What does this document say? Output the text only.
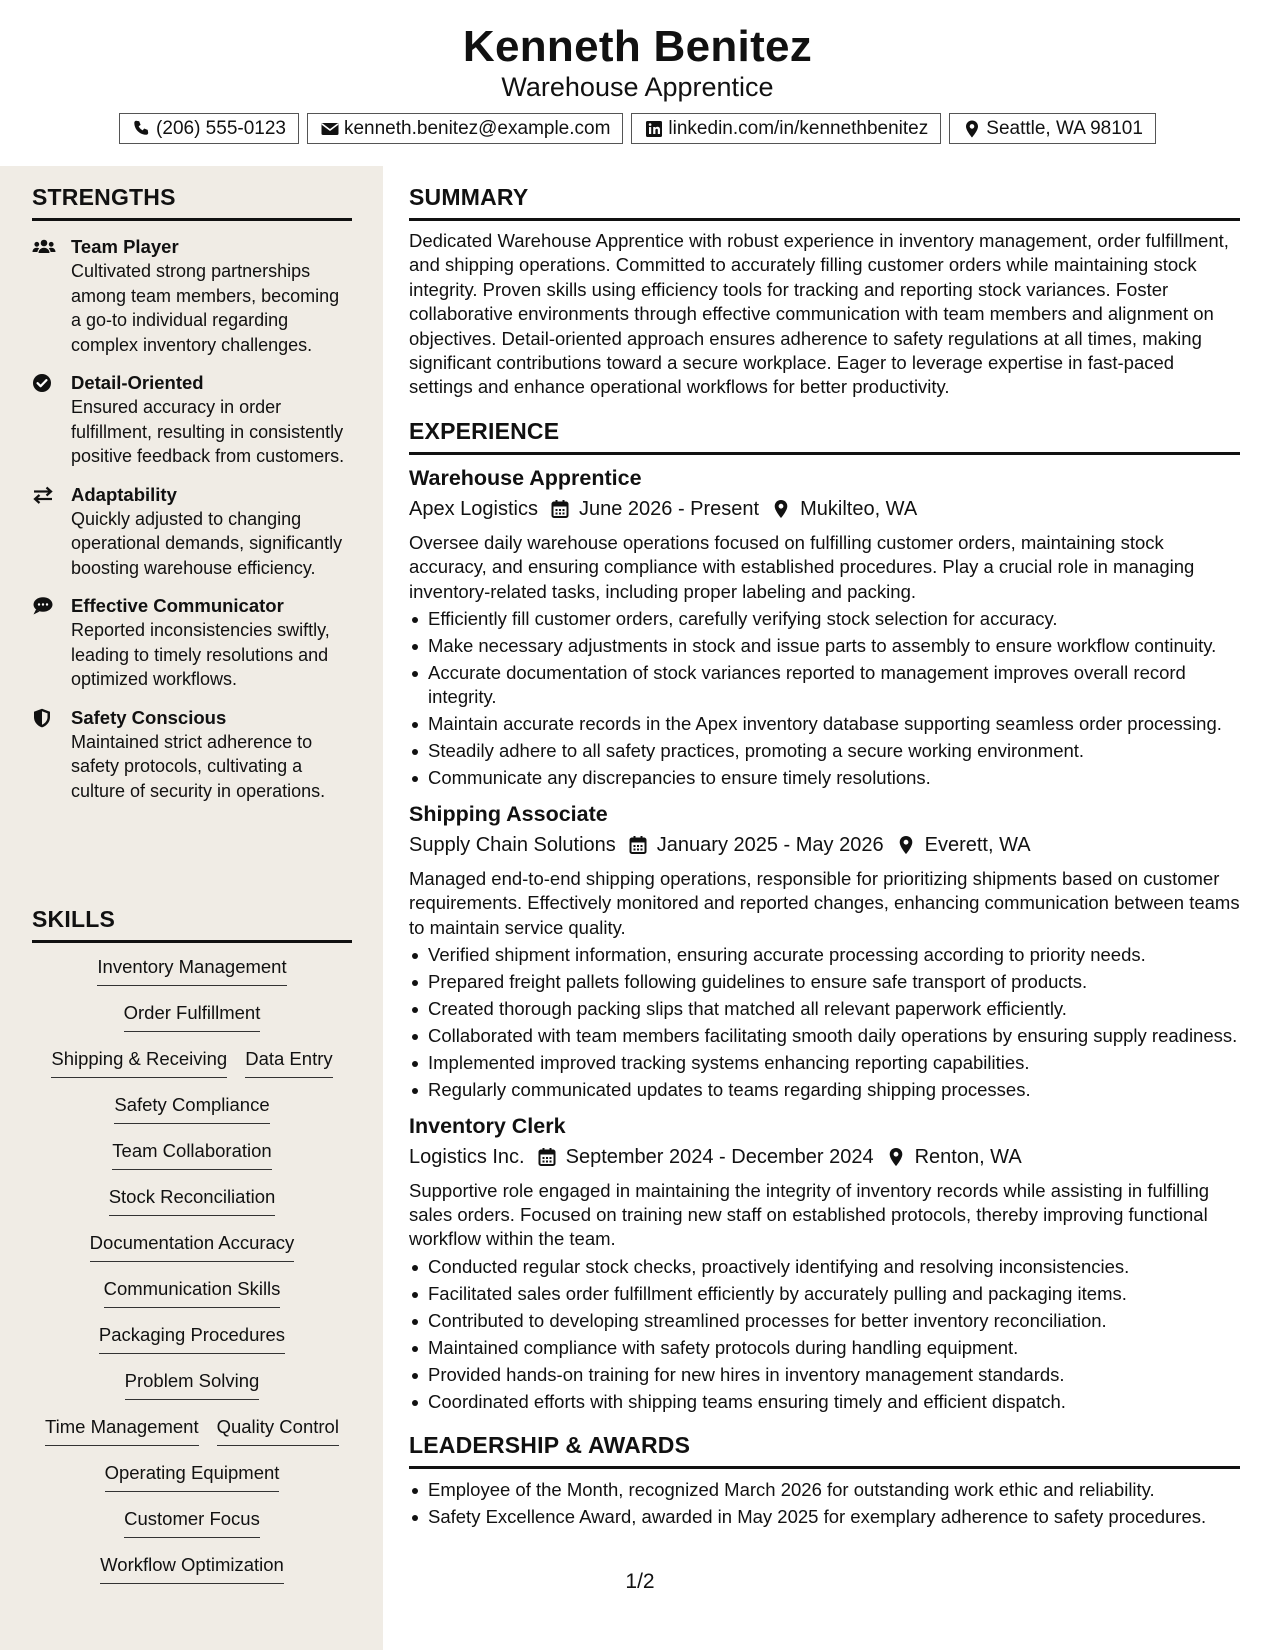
Kenneth Benitez
Warehouse Apprentice
(206) 555-0123	kenneth.benitez@example.com	linkedin.com/in/kennethbenitez	Seattle, WA 98101
STRENGTHS
Team Player
Cultivated strong partnerships among team members, becoming a go-to individual regarding complex inventory challenges.
Detail-Oriented
Ensured accuracy in order fulfillment, resulting in consistently positive feedback from customers.
Adaptability
Quickly adjusted to changing operational demands, significantly boosting warehouse efficiency.
Effective Communicator
Reported inconsistencies swiftly, leading to timely resolutions and optimized workflows.
Safety Conscious
Maintained strict adherence to safety protocols, cultivating a culture of security in operations.
SKILLS
Inventory Management
Order Fulfillment
Shipping & Receiving Data Entry
Safety Compliance
Team Collaboration
Stock Reconciliation
Documentation Accuracy
Communication Skills
Packaging Procedures
Problem Solving
Time Management Quality Control
Operating Equipment
Customer Focus
Workflow Optimization
SUMMARY
Dedicated Warehouse Apprentice with robust experience in inventory management, order fulfillment, and shipping operations. Committed to accurately filling customer orders while maintaining stock integrity. Proven skills using efficiency tools for tracking and reporting stock variances. Foster collaborative environments through effective communication with team members and alignment on objectives. Detail-oriented approach ensures adherence to safety regulations at all times, making significant contributions toward a secure workplace. Eager to leverage expertise in fast-paced settings and enhance operational workflows for better productivity.
EXPERIENCE
Warehouse Apprentice
Apex Logistics June 2026 - Present Mukilteo, WA
Oversee daily warehouse operations focused on fulfilling customer orders, maintaining stock accuracy, and ensuring compliance with established procedures. Play a crucial role in managing inventory-related tasks, including proper labeling and packing.
Efficiently fill customer orders, carefully verifying stock selection for accuracy.
Make necessary adjustments in stock and issue parts to assembly to ensure workflow continuity.
Accurate documentation of stock variances reported to management improves overall record integrity.
Maintain accurate records in the Apex inventory database supporting seamless order processing.
Steadily adhere to all safety practices, promoting a secure working environment.
Communicate any discrepancies to ensure timely resolutions.
Shipping Associate
Supply Chain Solutions January 2025 - May 2026 Everett, WA
Managed end-to-end shipping operations, responsible for prioritizing shipments based on customer requirements. Effectively monitored and reported changes, enhancing communication between teams to maintain service quality.
Verified shipment information, ensuring accurate processing according to priority needs.
Prepared freight pallets following guidelines to ensure safe transport of products.
Created thorough packing slips that matched all relevant paperwork efficiently.
Collaborated with team members facilitating smooth daily operations by ensuring supply readiness.
Implemented improved tracking systems enhancing reporting capabilities.
Regularly communicated updates to teams regarding shipping processes.
Inventory Clerk
Logistics Inc. September 2024 - December 2024 Renton, WA
Supportive role engaged in maintaining the integrity of inventory records while assisting in fulfilling sales orders. Focused on training new staff on established protocols, thereby improving functional workflow within the team.
Conducted regular stock checks, proactively identifying and resolving inconsistencies.
Facilitated sales order fulfillment efficiently by accurately pulling and packaging items.
Contributed to developing streamlined processes for better inventory reconciliation.
Maintained compliance with safety protocols during handling equipment.
Provided hands-on training for new hires in inventory management standards.
Coordinated efforts with shipping teams ensuring timely and efficient dispatch.
LEADERSHIP & AWARDS
Employee of the Month, recognized March 2026 for outstanding work ethic and reliability.
Safety Excellence Award, awarded in May 2025 for exemplary adherence to safety procedures.
1/2
